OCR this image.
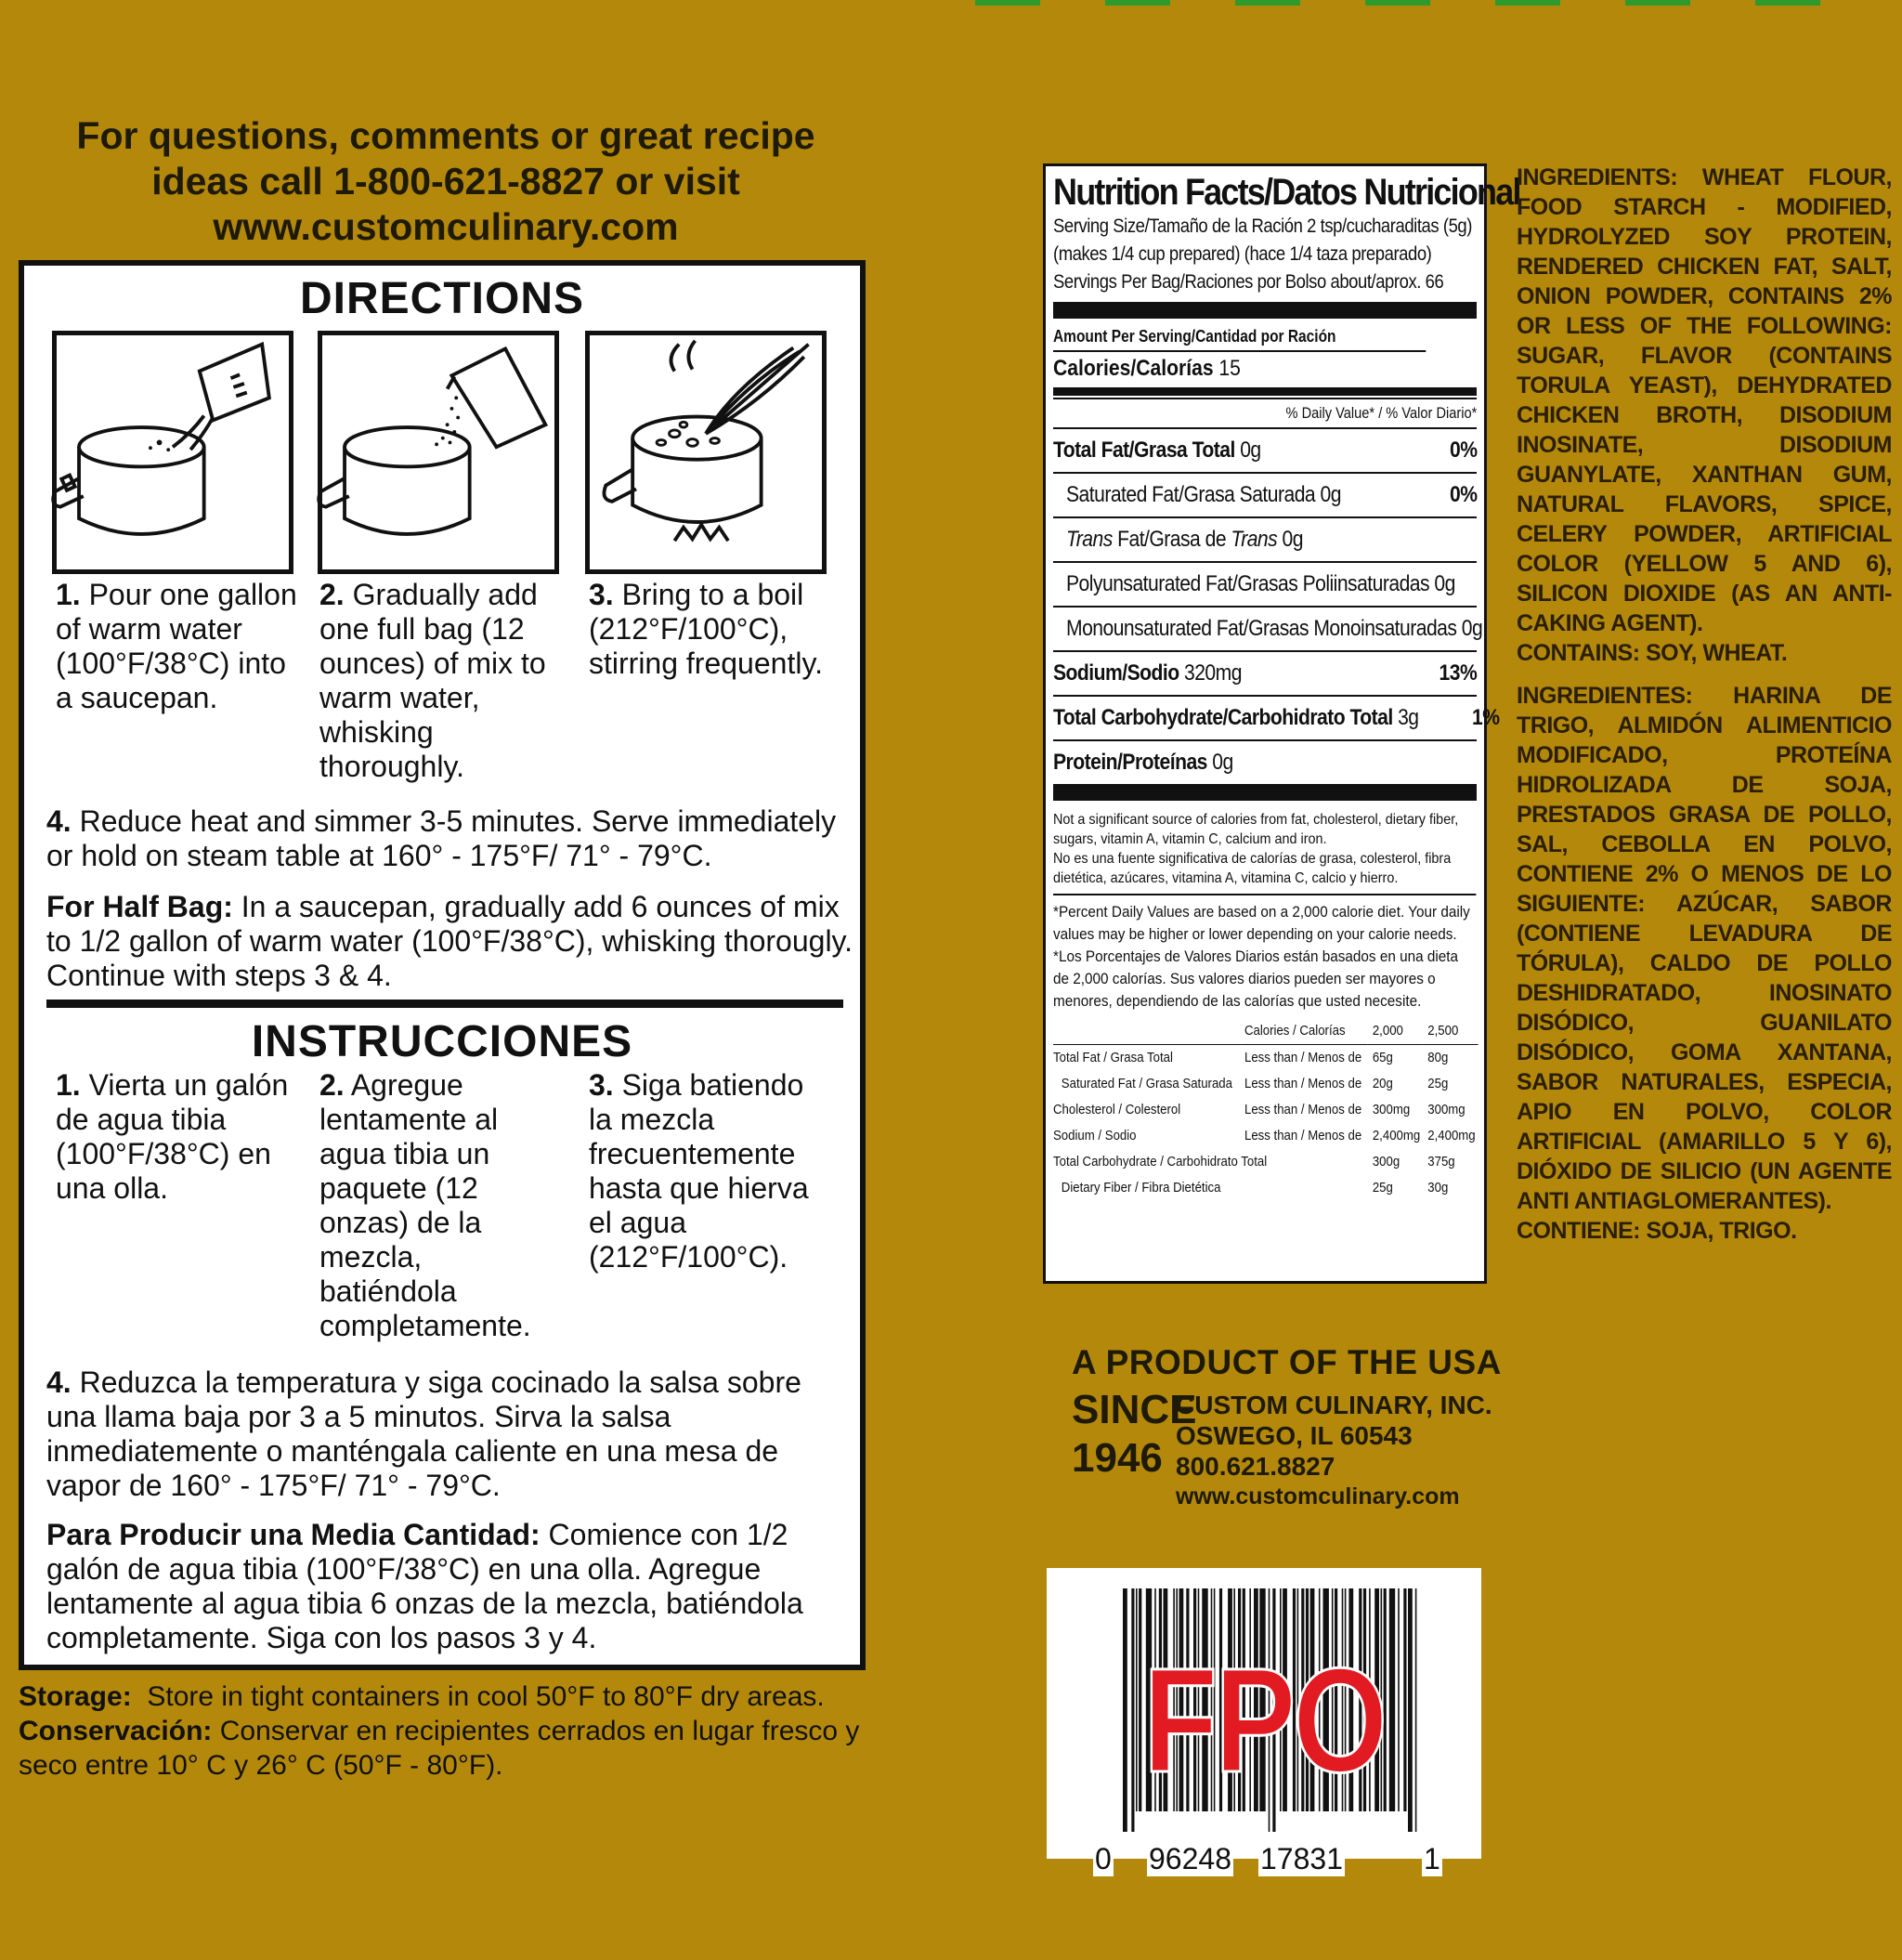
For questions, comments or great recipe
ideas call 1-800-621-8827 or visit
www.customculinary.com
DIRECTIONS
1. Pour one gallon of warm water (100°F/38°C) into a saucepan.
2. Gradually add one full bag (12 ounces) of mix to warm water, whisking thoroughly.
3. Bring to a boil (212°F/100°C), stirring frequently.
4. Reduce heat and simmer 3-5 minutes. Serve immediately or hold on steam table at 160° - 175°F/ 71° - 79°C.
For Half Bag: In a saucepan, gradually add 6 ounces of mix to 1/2 gallon of warm water (100°F/38°C), whisking thorougly. Continue with steps 3 & 4.
INSTRUCCIONES
1. Vierta un galón de agua tibia (100°F/38°C) en una olla.
2. Agregue lentamente al agua tibia un paquete (12 onzas) de la mezcla, batiéndola completamente.
3. Siga batiendo la mezcla frecuentemente hasta que hierva el agua (212°F/100°C).
4. Reduzca la temperatura y siga cocinado la salsa sobre una llama baja por 3 a 5 minutos. Sirva la salsa inmediatemente o manténgala caliente en una mesa de vapor de 160° - 175°F/ 71° - 79°C.
Para Producir una Media Cantidad: Comience con 1/2 galón de agua tibia (100°F/38°C) en una olla. Agregue lentamente al agua tibia 6 onzas de la mezcla, batiéndola completamente. Siga con los pasos 3 y 4.
Storage: Store in tight containers in cool 50°F to 80°F dry areas.
Conservación: Conservar en recipientes cerrados en lugar fresco y seco entre 10° C y 26° C (50°F - 80°F).
Nutrition Facts/Datos Nutricional
Serving Size/Tamaño de la Ración 2 tsp/cucharaditas (5g)
(makes 1/4 cup prepared) (hace 1/4 taza preparado)
Servings Per Bag/Raciones por Bolso about/aprox. 66
Amount Per Serving/Cantidad por Ración
Calories/Calorías 15
% Daily Value* / % Valor Diario*
Total Fat/Grasa Total 0g	0%
Saturated Fat/Grasa Saturada 0g	0%
Trans Fat/Grasa de Trans 0g
Polyunsaturated Fat/Grasas Poliinsaturadas 0g
Monounsaturated Fat/Grasas Monoinsaturadas 0g
Sodium/Sodio 320mg	13%
Total Carbohydrate/Carbohidrato Total 3g 1%
Protein/Proteínas 0g
Not a significant source of calories from fat, cholesterol, dietary fiber, sugars, vitamin A, vitamin C, calcium and iron.
No es una fuente significativa de calorías de grasa, colesterol, fibra dietética, azúcares, vitamina A, vitamina C, calcio y hierro.
*Percent Daily Values are based on a 2,000 calorie diet. Your daily values may be higher or lower depending on your calorie needs.
*Los Porcentajes de Valores Diarios están basados en una dieta de 2,000 calorías. Sus valores diarios pueden ser mayores o menores, dependiendo de las calorías que usted necesite.
	Calories / Calorías	2,000	2,500
Total Fat / Grasa Total	Less than / Menos de	65g	80g
Saturated Fat / Grasa Saturada	Less than / Menos de	20g	25g
Cholesterol / Colesterol	Less than / Menos de	300mg	300mg
Sodium / Sodio	Less than / Menos de	2,400mg	2,400mg
Total Carbohydrate / Carbohidrato Total		300g	375g
Dietary Fiber / Fibra Dietética		25g	30g

INGREDIENTS: WHEAT FLOUR, FOOD STARCH - MODIFIED, HYDROLYZED SOY PROTEIN, RENDERED CHICKEN FAT, SALT, ONION POWDER, CONTAINS 2% OR LESS OF THE FOLLOWING: SUGAR, FLAVOR (CONTAINS TORULA YEAST), DEHYDRATED CHICKEN BROTH, DISODIUM INOSINATE, DISODIUM GUANYLATE, XANTHAN GUM, NATURAL FLAVORS, SPICE, CELERY POWDER, ARTIFICIAL COLOR (YELLOW 5 AND 6), SILICON DIOXIDE (AS AN ANTI-CAKING AGENT).
CONTAINS: SOY, WHEAT.

INGREDIENTES: HARINA DE TRIGO, ALMIDÓN ALIMENTICIO MODIFICADO, PROTEÍNA HIDROLIZADA DE SOJA, PRESTADOS GRASA DE POLLO, SAL, CEBOLLA EN POLVO, CONTIENE 2% O MENOS DE LO SIGUIENTE: AZÚCAR, SABOR (CONTIENE LEVADURA DE TÓRULA), CALDO DE POLLO DESHIDRATADO, INOSINATO DISÓDICO, GUANILATO DISÓDICO, GOMA XANTANA, SABOR NATURALES, ESPECIA, APIO EN POLVO, COLOR ARTIFICIAL (AMARILLO 5 Y 6), DIÓXIDO DE SILICIO (UN AGENTE ANTI ANTIAGLOMERANTES).
CONTIENE: SOJA, TRIGO.

A PRODUCT OF THE USA
SINCE
1946
CUSTOM CULINARY, INC.
OSWEGO, IL 60543
800.621.8827
www.customculinary.com
FPO
0 96248 17831	1
